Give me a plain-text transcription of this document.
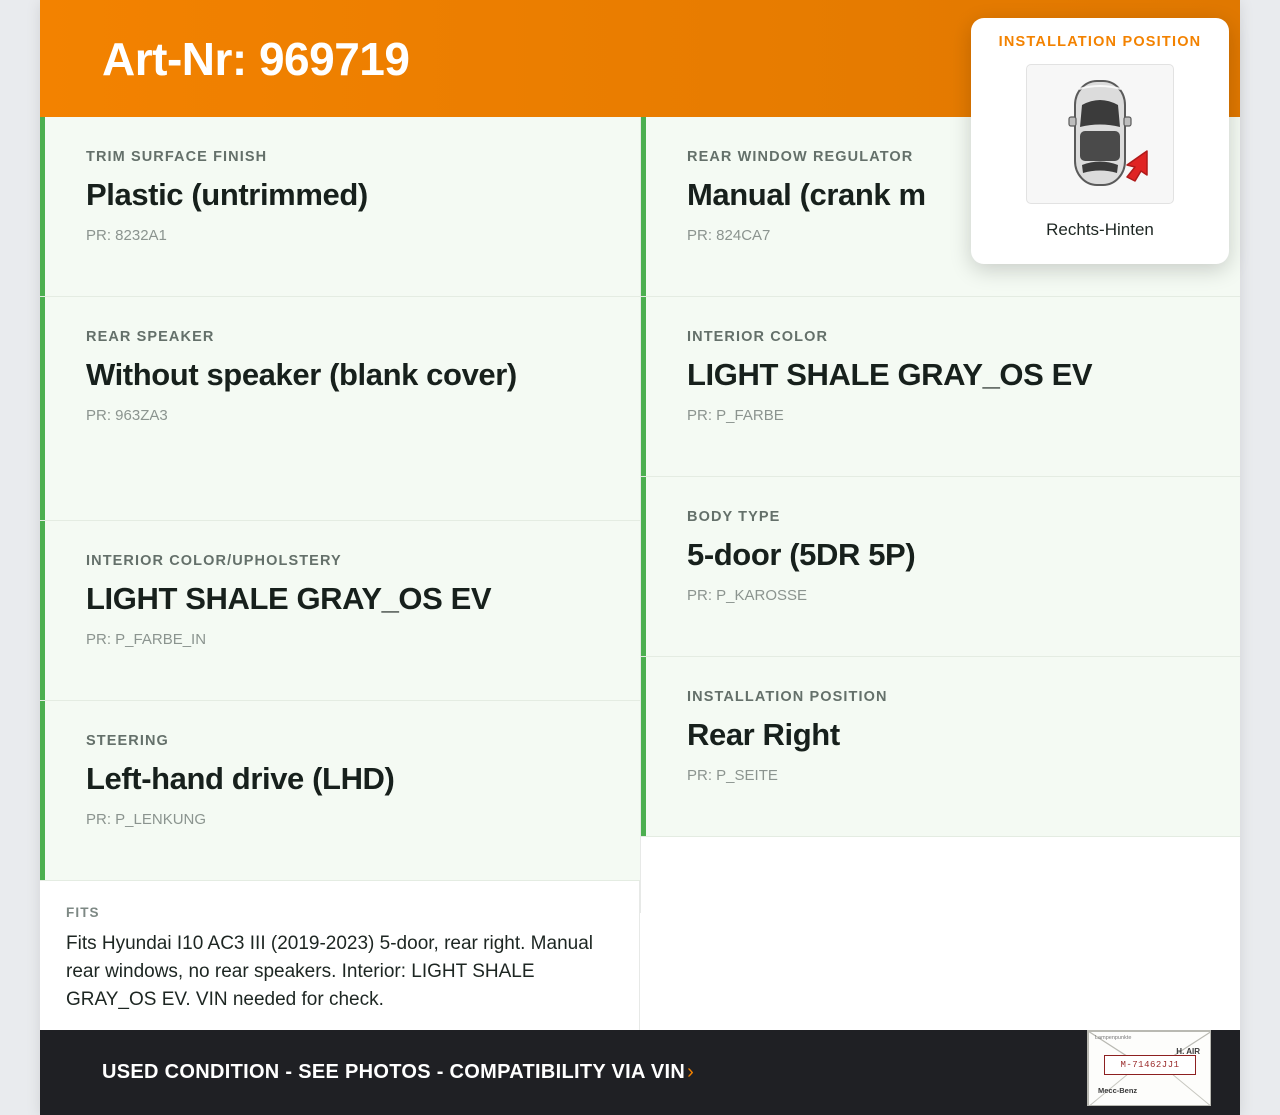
Art-Nr: 969719
TRIM SURFACE FINISH
Plastic (untrimmed)
PR: 8232A1
REAR SPEAKER
Without speaker (blank cover)
PR: 963ZA3
INTERIOR COLOR/UPHOLSTERY
LIGHT SHALE GRAY_OS EV
PR: P_FARBE_IN
STEERING
Left-hand drive (LHD)
PR: P_LENKUNG
REAR WINDOW REGULATOR
Manual (crank m
PR: 824CA7
INTERIOR COLOR
LIGHT SHALE GRAY_OS EV
PR: P_FARBE
BODY TYPE
5-door (5DR 5P)
PR: P_KAROSSE
INSTALLATION POSITION
Rear Right
PR: P_SEITE
FITS
Fits Hyundai I10 AC3 III (2019-2023) 5-door, rear right. Manual rear windows, no rear speakers. Interior: LIGHT SHALE GRAY_OS EV. VIN needed for check.
USED CONDITION - SEE PHOTOS - COMPATIBILITY VIA VIN ›
Lampenpunkte
M-71462JJ1
H. AIR
Mecc-Benz
INSTALLATION POSITION
Rechts-Hinten
